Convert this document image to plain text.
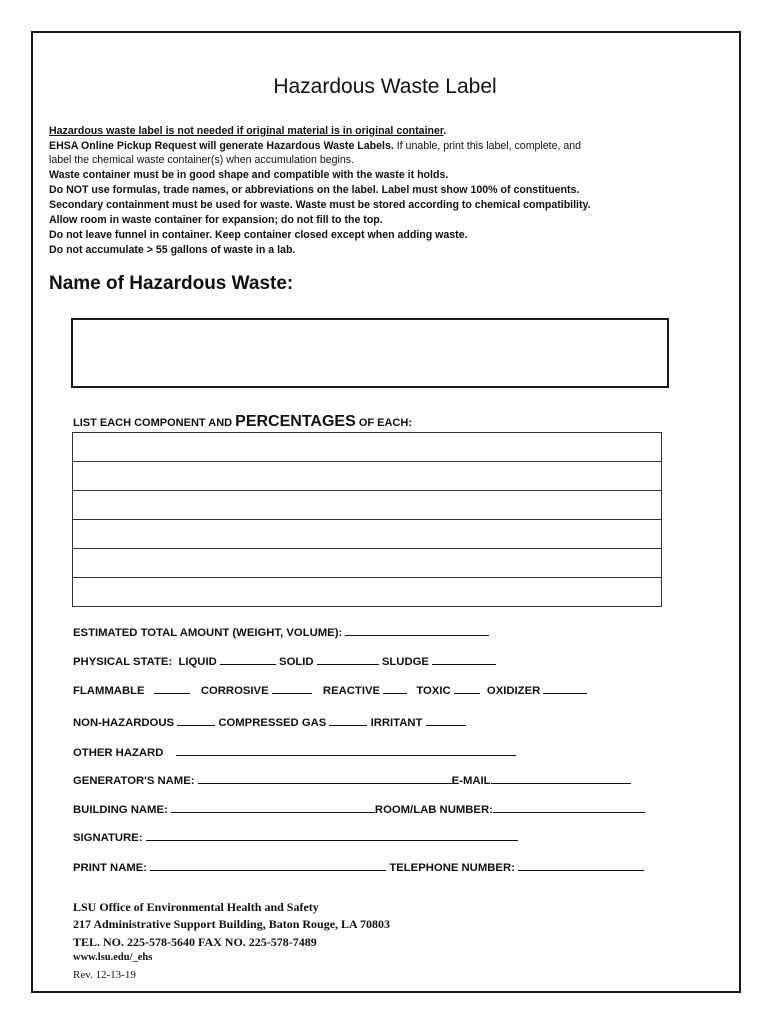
Hazardous Waste Label
Hazardous waste label is not needed if original material is in original container.
EHSA Online Pickup Request will generate Hazardous Waste Labels. If unable, print this label, complete, and
label the chemical waste container(s) when accumulation begins.
Waste container must be in good shape and compatible with the waste it holds.
Do NOT use formulas, trade names, or abbreviations on the label. Label must show 100% of constituents.
Secondary containment must be used for waste. Waste must be stored according to chemical compatibility.
Allow room in waste container for expansion; do not fill to the top.
Do not leave funnel in container. Keep container closed except when adding waste.
Do not accumulate > 55 gallons of waste in a lab.
Name of Hazardous Waste:
LIST EACH COMPONENT AND PERCENTAGES OF EACH:
ESTIMATED TOTAL AMOUNT (WEIGHT, VOLUME):
PHYSICAL STATE: LIQUID	SOLID	SLUDGE
FLAMMABLE	CORROSIVE	REACTIVE	TOXIC	OXIDIZER
NON-HAZARDOUS	COMPRESSED GAS	IRRITANT
OTHER HAZARD
GENERATOR'S NAME:	E-MAIL
BUILDING NAME:	ROOM/LAB NUMBER:
SIGNATURE:
PRINT NAME:	TELEPHONE NUMBER:
LSU Office of Environmental Health and Safety
217 Administrative Support Building, Baton Rouge, LA 70803
TEL. NO. 225-578-5640 FAX NO. 225-578-7489
www.lsu.edu/_ehs
Rev. 12-13-19
